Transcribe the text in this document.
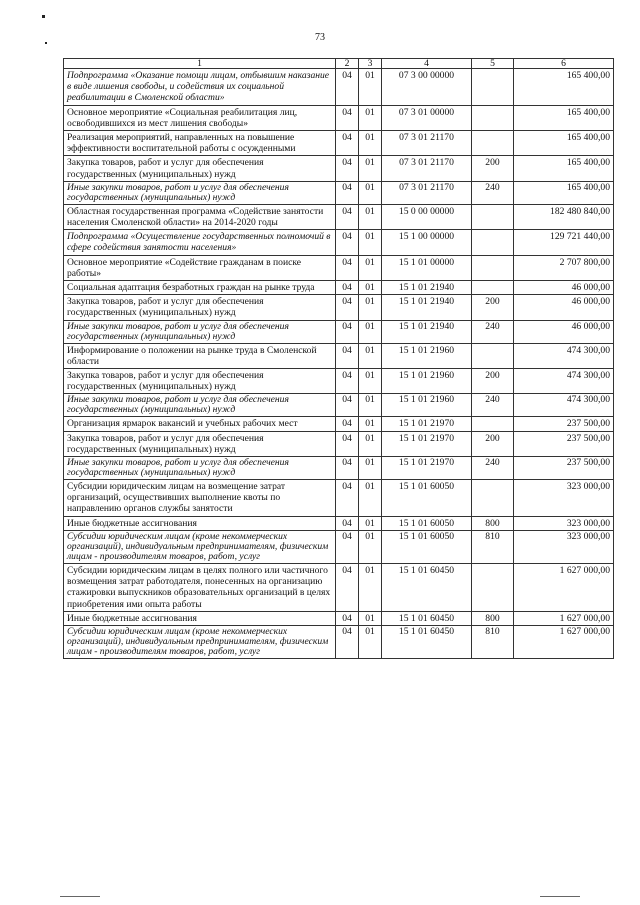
73
1	2	3	4	5	6
Подпрограмма «Оказание помощи лицам, отбывшим наказание в виде лишения свободы, и содействия их социальной реабилитации в Смоленской области»	04	01	07 3 00 00000		165 400,00
Основное мероприятие «Социальная реабилитация лиц, освободившихся из мест лишения свободы»	04	01	07 3 01 00000		165 400,00
Реализация мероприятий, направленных на повышение эффективности воспитательной работы с осужденными	04	01	07 3 01 21170		165 400,00
Закупка товаров, работ и услуг для обеспечения государственных (муниципальных) нужд	04	01	07 3 01 21170	200	165 400,00
Иные закупки товаров, работ и услуг для обеспечения государственных (муниципальных) нужд	04	01	07 3 01 21170	240	165 400,00
Областная государственная программа «Содействие занятости населения Смоленской области» на 2014-2020 годы	04	01	15 0 00 00000		182 480 840,00
Подпрограмма «Осуществление государственных полномочий в сфере содействия занятости населения»	04	01	15 1 00 00000		129 721 440,00
Основное мероприятие «Содействие гражданам в поиске работы»	04	01	15 1 01 00000		2 707 800,00
Социальная адаптация безработных граждан на рынке труда	04	01	15 1 01 21940		46 000,00
Закупка товаров, работ и услуг для обеспечения государственных (муниципальных) нужд	04	01	15 1 01 21940	200	46 000,00
Иные закупки товаров, работ и услуг для обеспечения государственных (муниципальных) нужд	04	01	15 1 01 21940	240	46 000,00
Информирование о положении на рынке труда в Смоленской области	04	01	15 1 01 21960		474 300,00
Закупка товаров, работ и услуг для обеспечения государственных (муниципальных) нужд	04	01	15 1 01 21960	200	474 300,00
Иные закупки товаров, работ и услуг для обеспечения государственных (муниципальных) нужд	04	01	15 1 01 21960	240	474 300,00
Организация ярмарок вакансий и учебных рабочих мест	04	01	15 1 01 21970		237 500,00
Закупка товаров, работ и услуг для обеспечения государственных (муниципальных) нужд	04	01	15 1 01 21970	200	237 500,00
Иные закупки товаров, работ и услуг для обеспечения государственных (муниципальных) нужд	04	01	15 1 01 21970	240	237 500,00
Субсидии юридическим лицам на возмещение затрат организаций, осуществивших выполнение квоты по направлению органов службы занятости	04	01	15 1 01 60050		323 000,00
Иные бюджетные ассигнования	04	01	15 1 01 60050	800	323 000,00
Субсидии юридическим лицам (кроме некоммерческих организаций), индивидуальным предпринимателям, физическим лицам - производителям товаров, работ, услуг	04	01	15 1 01 60050	810	323 000,00
Субсидии юридическим лицам в целях полного или частичного возмещения затрат работодателя, понесенных на организацию стажировки выпускников образовательных организаций в целях приобретения ими опыта работы	04	01	15 1 01 60450		1 627 000,00
Иные бюджетные ассигнования	04	01	15 1 01 60450	800	1 627 000,00
Субсидии юридическим лицам (кроме некоммерческих организаций), индивидуальным предпринимателям, физическим лицам - производителям товаров, работ, услуг	04	01	15 1 01 60450	810	1 627 000,00
